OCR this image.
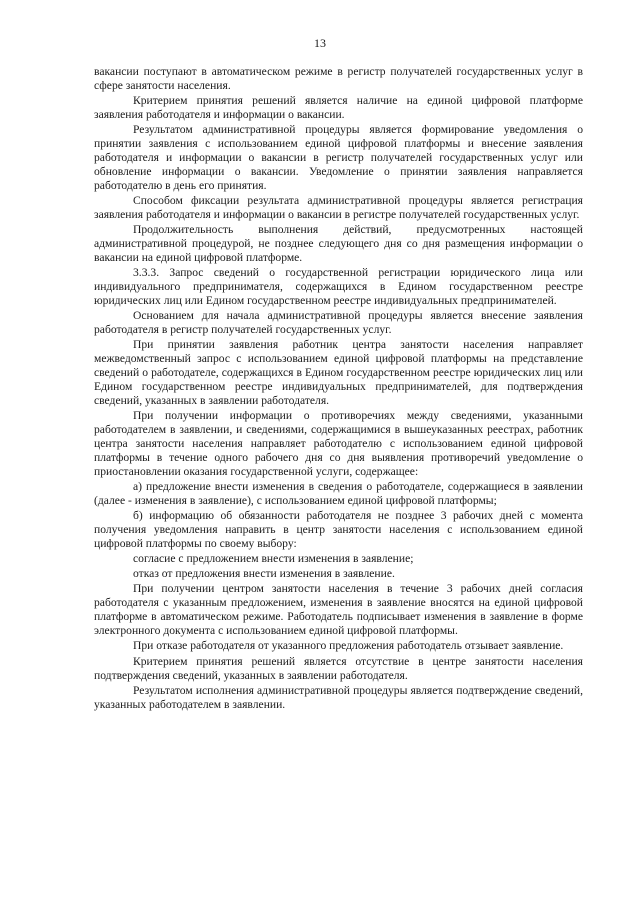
13

вакансии поступают в автоматическом режиме в регистр получателей государственных услуг в сфере занятости населения.

Критерием принятия решений является наличие на единой цифровой платформе заявления работодателя и информации о вакансии.

Результатом административной процедуры является формирование уведомления о принятии заявления с использованием единой цифровой платформы и внесение заявления работодателя и информации о вакансии в регистр получателей государственных услуг или обновление информации о вакансии. Уведомление о принятии заявления направляется работодателю в день его принятия.

Способом фиксации результата административной процедуры является регистрация заявления работодателя и информации о вакансии в регистре получателей государственных услуг.

Продолжительность выполнения действий, предусмотренных настоящей административной процедурой, не позднее следующего дня со дня размещения информации о вакансии на единой цифровой платформе.

3.3.3. Запрос сведений о государственной регистрации юридического лица или индивидуального предпринимателя, содержащихся в Едином государственном реестре юридических лиц или Едином государственном реестре индивидуальных предпринимателей.

Основанием для начала административной процедуры является внесение заявления работодателя в регистр получателей государственных услуг.

При принятии заявления работник центра занятости населения направляет межведомственный запрос с использованием единой цифровой платформы на представление сведений о работодателе, содержащихся в Едином государственном реестре юридических лиц или Едином государственном реестре индивидуальных предпринимателей, для подтверждения сведений, указанных в заявлении работодателя.

При получении информации о противоречиях между сведениями, указанными работодателем в заявлении, и сведениями, содержащимися в вышеуказанных реестрах, работник центра занятости населения направляет работодателю с использованием единой цифровой платформы в течение одного рабочего дня со дня выявления противоречий уведомление о приостановлении оказания государственной услуги, содержащее:

а) предложение внести изменения в сведения о работодателе, содержащиеся в заявлении (далее - изменения в заявление), с использованием единой цифровой платформы;

б) информацию об обязанности работодателя не позднее 3 рабочих дней с момента получения уведомления направить в центр занятости населения с использованием единой цифровой платформы по своему выбору:

согласие с предложением внести изменения в заявление;

отказ от предложения внести изменения в заявление.

При получении центром занятости населения в течение 3 рабочих дней согласия работодателя с указанным предложением, изменения в заявление вносятся на единой цифровой платформе в автоматическом режиме. Работодатель подписывает изменения в заявление в форме электронного документа с использованием единой цифровой платформы.

При отказе работодателя от указанного предложения работодатель отзывает заявление.

Критерием принятия решений является отсутствие в центре занятости населения подтверждения сведений, указанных в заявлении работодателя.

Результатом исполнения административной процедуры является подтверждение сведений, указанных работодателем в заявлении.
